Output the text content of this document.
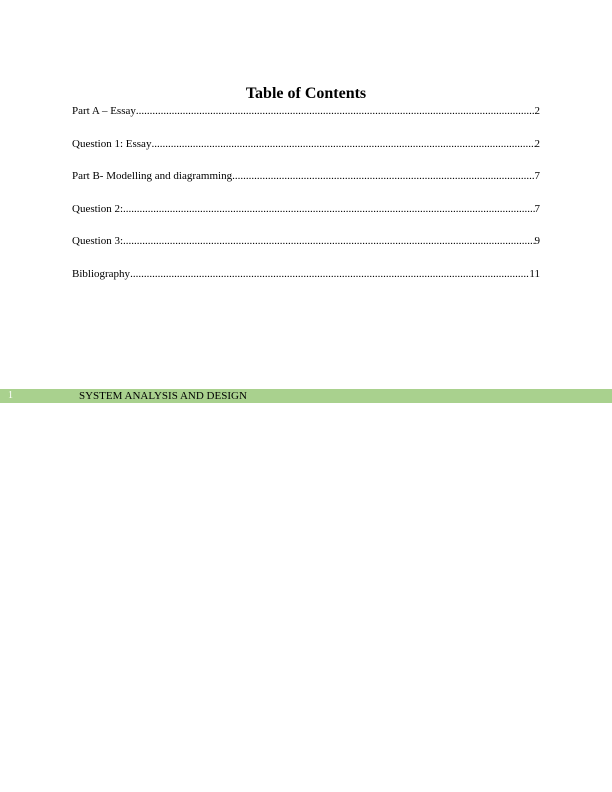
Table of Contents
Part A – Essay .....	2
Question 1: Essay .....	2
Part B- Modelling and diagramming .....	7
Question 2: .....	7
Question 3: .....	9
Bibliography .....	11
1	SYSTEM ANALYSIS AND DESIGN
